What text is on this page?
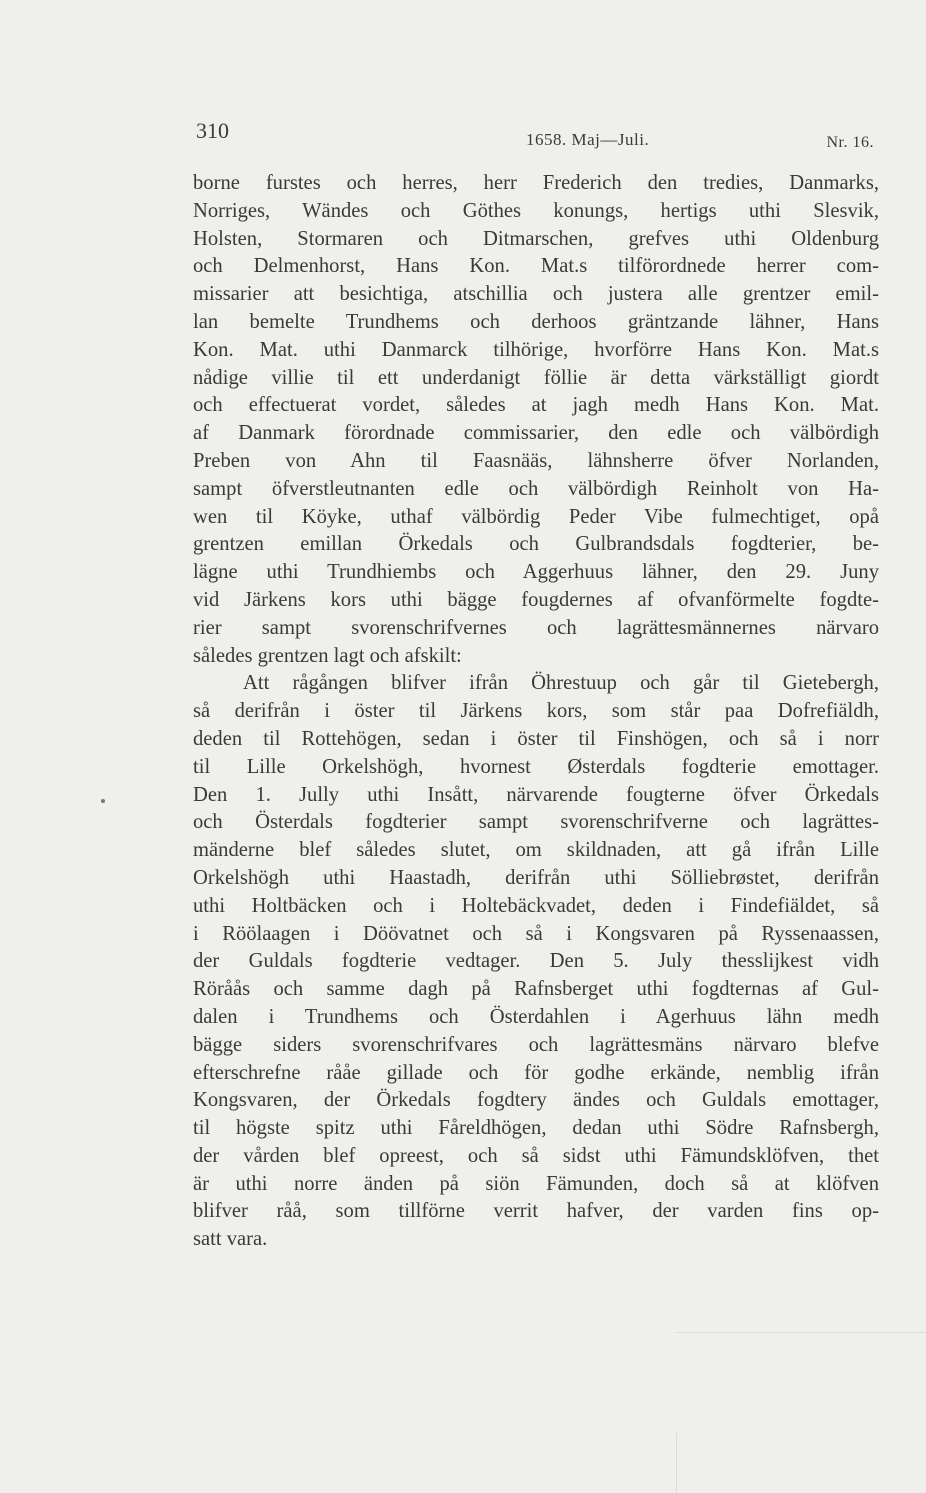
310	1658. Maj—Juli.	Nr. 16.
borne furstes och herres, herr Frederich den tredies, Danmarks,
Norriges, Wändes och Göthes konungs, hertigs uthi Slesvik,
Holsten, Stormaren och Ditmarschen, grefves uthi Oldenburg
och Delmenhorst, Hans Kon. Mat.s tilförordnede herrer com-
missarier att besichtiga, atschillia och justera alle grentzer emil-
lan bemelte Trundhems och derhoos gräntzande lähner, Hans
Kon. Mat. uthi Danmarck tilhörige, hvorförre Hans Kon. Mat.s
nådige villie til ett underdanigt föllie är detta värkställigt giordt
och effectuerat vordet, således at jagh medh Hans Kon. Mat.
af Danmark förordnade commissarier, den edle och välbördigh
Preben von Ahn til Faasnääs, lähnsherre öfver Norlanden,
sampt öfverstleutnanten edle och välbördigh Reinholt von Ha-
wen til Köyke, uthaf välbördig Peder Vibe fulmechtiget, opå
grentzen emillan Örkedals och Gulbrandsdals fogdterier, be-
lägne uthi Trundhiembs och Aggerhuus lähner, den 29. Juny
vid Järkens kors uthi bägge fougdernes af ofvanförmelte fogdte-
rier sampt svorenschrifvernes och lagrättesmännernes närvaro
således grentzen lagt och afskilt:
Att rågången blifver ifrån Öhrestuup och går til Gietebergh,
så derifrån i öster til Järkens kors, som står paa Dofrefiäldh,
deden til Rottehögen, sedan i öster til Finshögen, och så i norr
til Lille Orkelshögh, hvornest Østerdals fogdterie emottager.
Den 1. Jully uthi Insått, närvarende fougterne öfver Örkedals
och Österdals fogdterier sampt svorenschrifverne och lagrättes-
mänderne blef således slutet, om skildnaden, att gå ifrån Lille
Orkelshögh uthi Haastadh, derifrån uthi Sölliebrøstet, derifrån
uthi Holtbäcken och i Holtebäckvadet, deden i Findefiäldet, så
i Röölaagen i Döövatnet och så i Kongsvaren på Ryssenaassen,
der Guldals fogdterie vedtager. Den 5. July thesslijkest vidh
Röråås och samme dagh på Rafnsberget uthi fogdternas af Gul-
dalen i Trundhems och Österdahlen i Agerhuus lähn medh
bägge siders svorenschrifvares och lagrättesmäns närvaro blefve
efterschrefne rååe gillade och för godhe erkände, nemblig ifrån
Kongsvaren, der Örkedals fogdtery ändes och Guldals emottager,
til högste spitz uthi Fåreldhögen, dedan uthi Södre Rafnsbergh,
der vården blef opreest, och så sidst uthi Fämundsklöfven, thet
är uthi norre änden på siön Fämunden, doch så at klöfven
blifver råå, som tillförne verrit hafver, der varden fins op-
satt vara.
